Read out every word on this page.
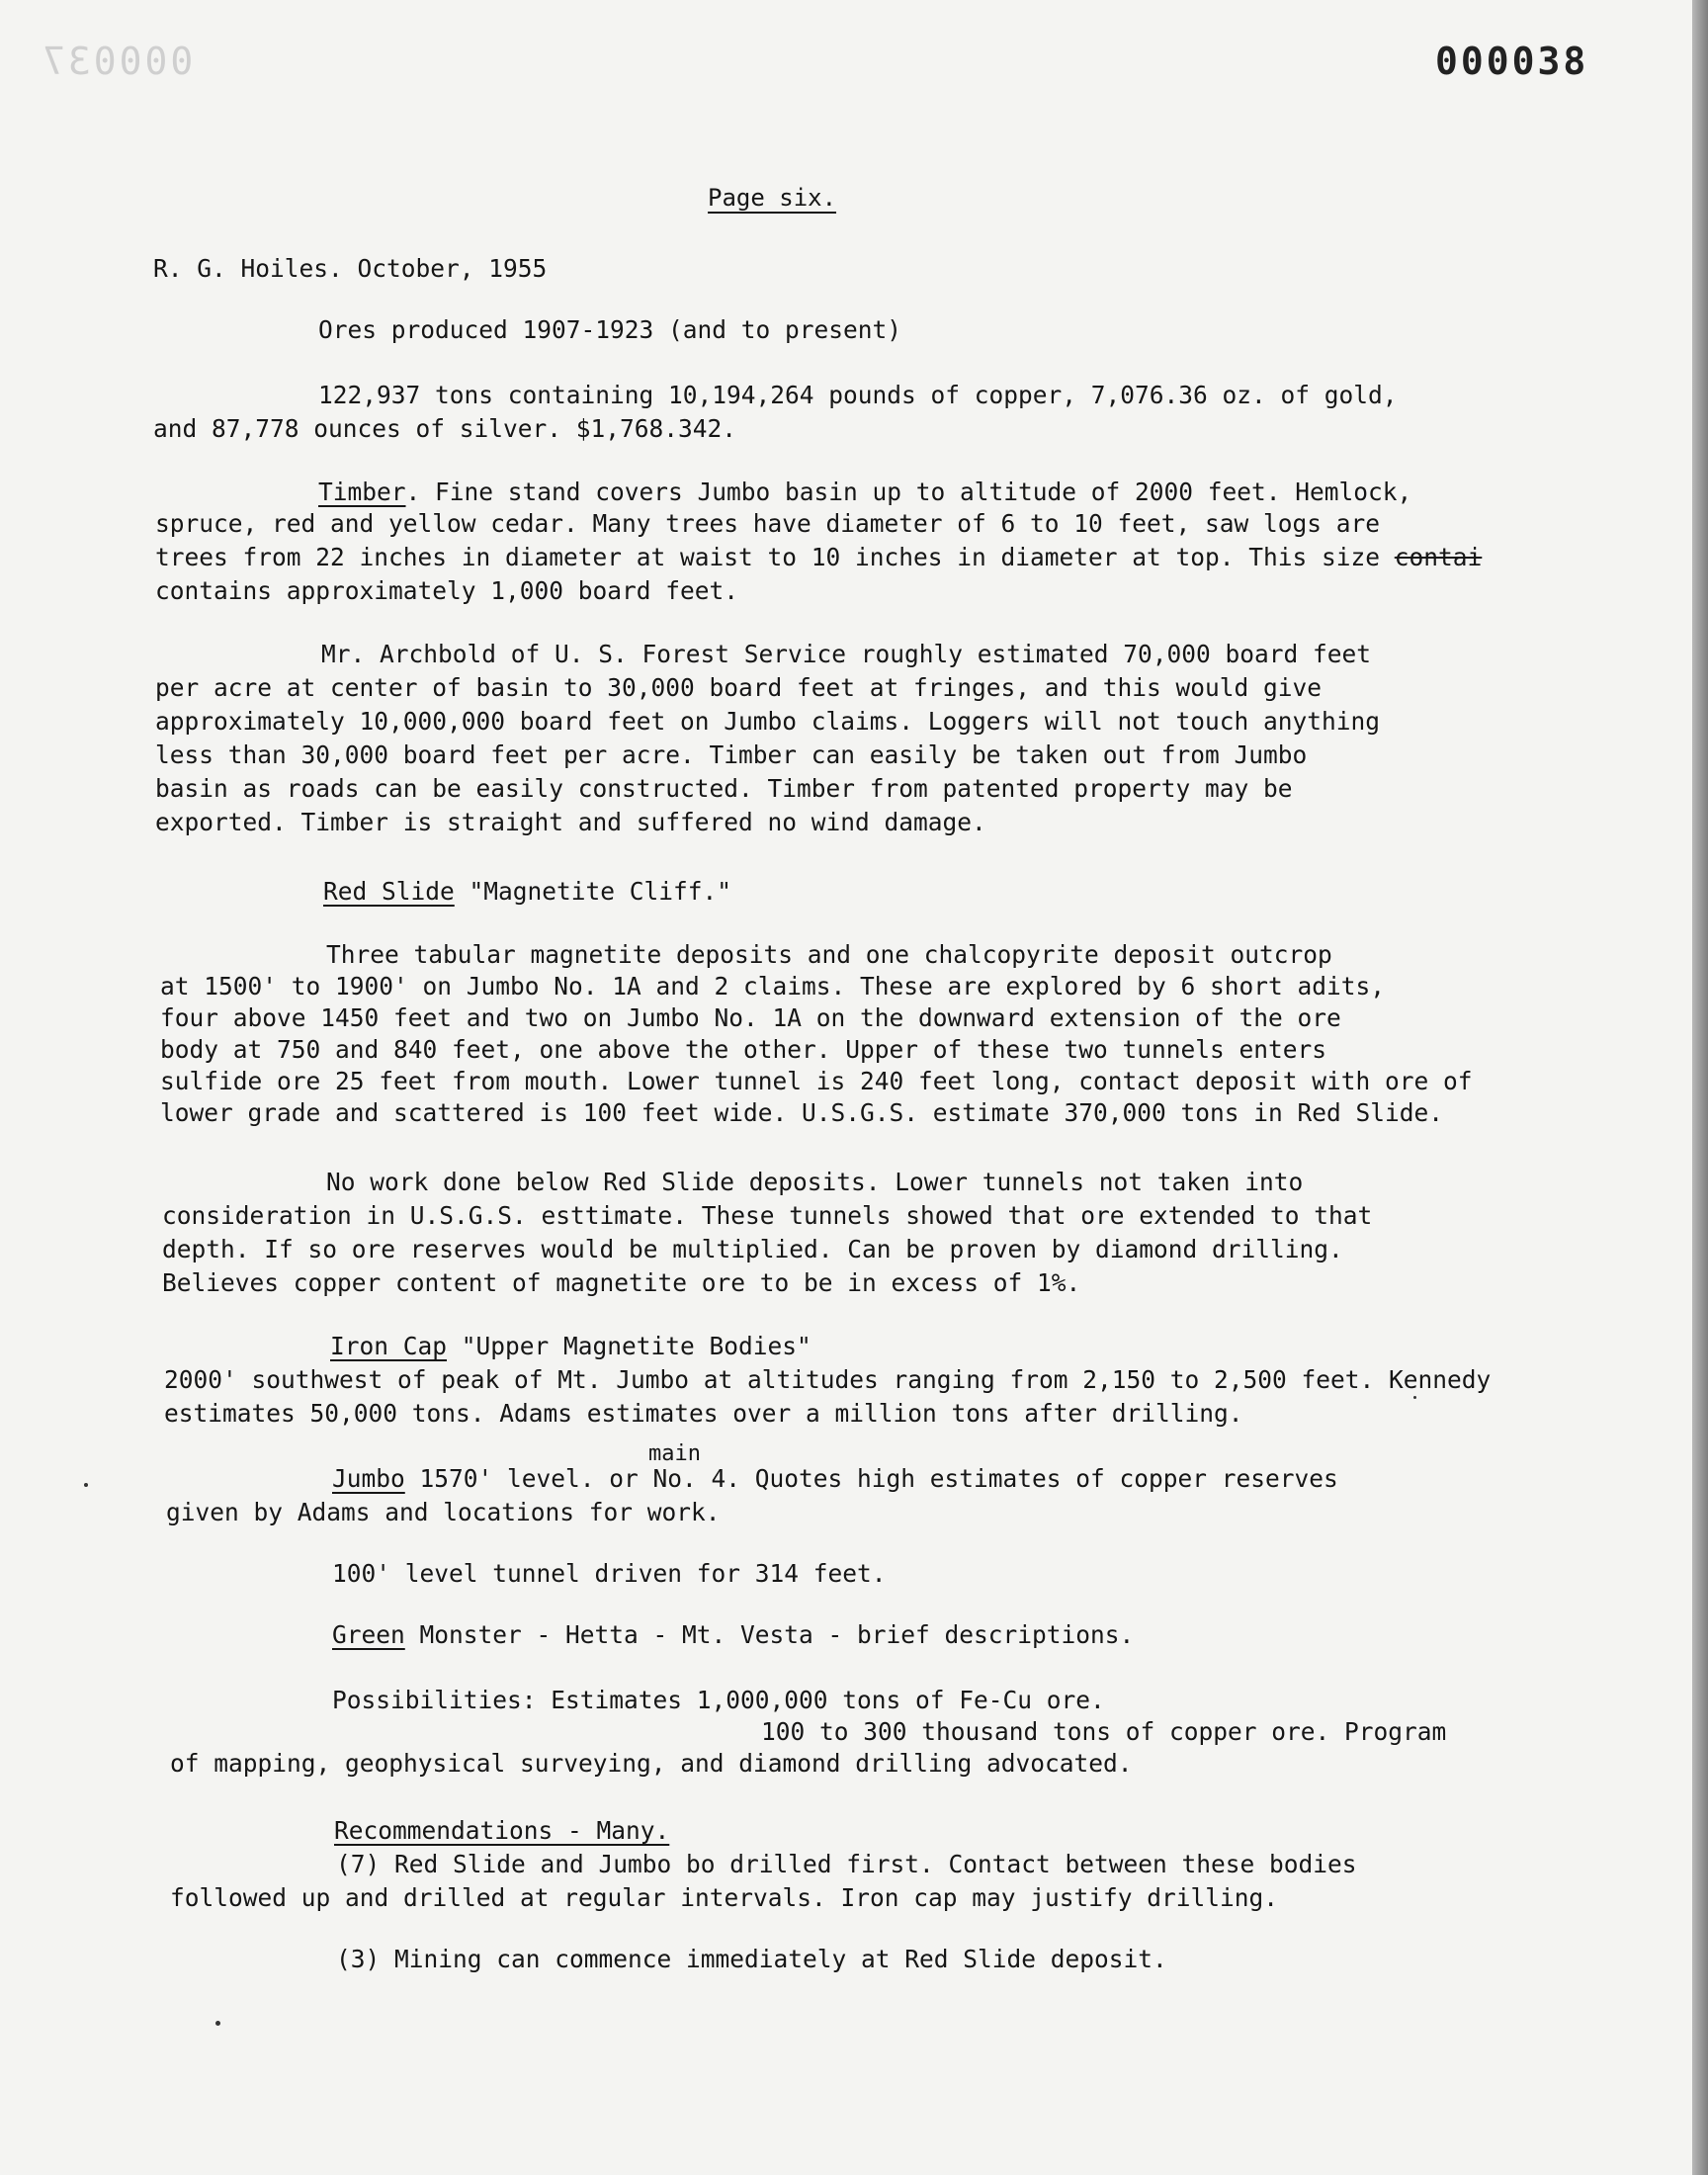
000037	000038
Page six.
R. G. Hoiles. October, 1955
Ores produced 1907-1923 (and to present)
122,937 tons containing 10,194,264 pounds of copper, 7,076.36 oz. of gold,
and 87,778 ounces of silver. $1,768.342.
Timber. Fine stand covers Jumbo basin up to altitude of 2000 feet. Hemlock,
spruce, red and yellow cedar. Many trees have diameter of 6 to 10 feet, saw logs are
trees from 22 inches in diameter at waist to 10 inches in diameter at top. This size contai
contains approximately 1,000 board feet.
Mr. Archbold of U. S. Forest Service roughly estimated 70,000 board feet
per acre at center of basin to 30,000 board feet at fringes, and this would give
approximately 10,000,000 board feet on Jumbo claims. Loggers will not touch anything
less than 30,000 board feet per acre. Timber can easily be taken out from Jumbo
basin as roads can be easily constructed. Timber from patented property may be
exported. Timber is straight and suffered no wind damage.
Red Slide "Magnetite Cliff."
Three tabular magnetite deposits and one chalcopyrite deposit outcrop
at 1500' to 1900' on Jumbo No. 1A and 2 claims. These are explored by 6 short adits,
four above 1450 feet and two on Jumbo No. 1A on the downward extension of the ore
body at 750 and 840 feet, one above the other. Upper of these two tunnels enters
sulfide ore 25 feet from mouth. Lower tunnel is 240 feet long, contact deposit with ore of
lower grade and scattered is 100 feet wide. U.S.G.S. estimate 370,000 tons in Red Slide.
No work done below Red Slide deposits. Lower tunnels not taken into
consideration in U.S.G.S. esttimate. These tunnels showed that ore extended to that
depth. If so ore reserves would be multiplied. Can be proven by diamond drilling.
Believes copper content of magnetite ore to be in excess of 1%.
Iron Cap "Upper Magnetite Bodies"
2000' southwest of peak of Mt. Jumbo at altitudes ranging from 2,150 to 2,500 feet. Kennedy
estimates 50,000 tons. Adams estimates over a million tons after drilling.
main
Jumbo 1570' level. or No. 4. Quotes high estimates of copper reserves
given by Adams and locations for work.
100' level tunnel driven for 314 feet.
Green Monster - Hetta - Mt. Vesta - brief descriptions.
Possibilities: Estimates 1,000,000 tons of Fe-Cu ore.
100 to 300 thousand tons of copper ore. Program
of mapping, geophysical surveying, and diamond drilling advocated.
Recommendations - Many.
(7) Red Slide and Jumbo bo drilled first. Contact between these bodies
followed up and drilled at regular intervals. Iron cap may justify drilling.
(3) Mining can commence immediately at Red Slide deposit.
